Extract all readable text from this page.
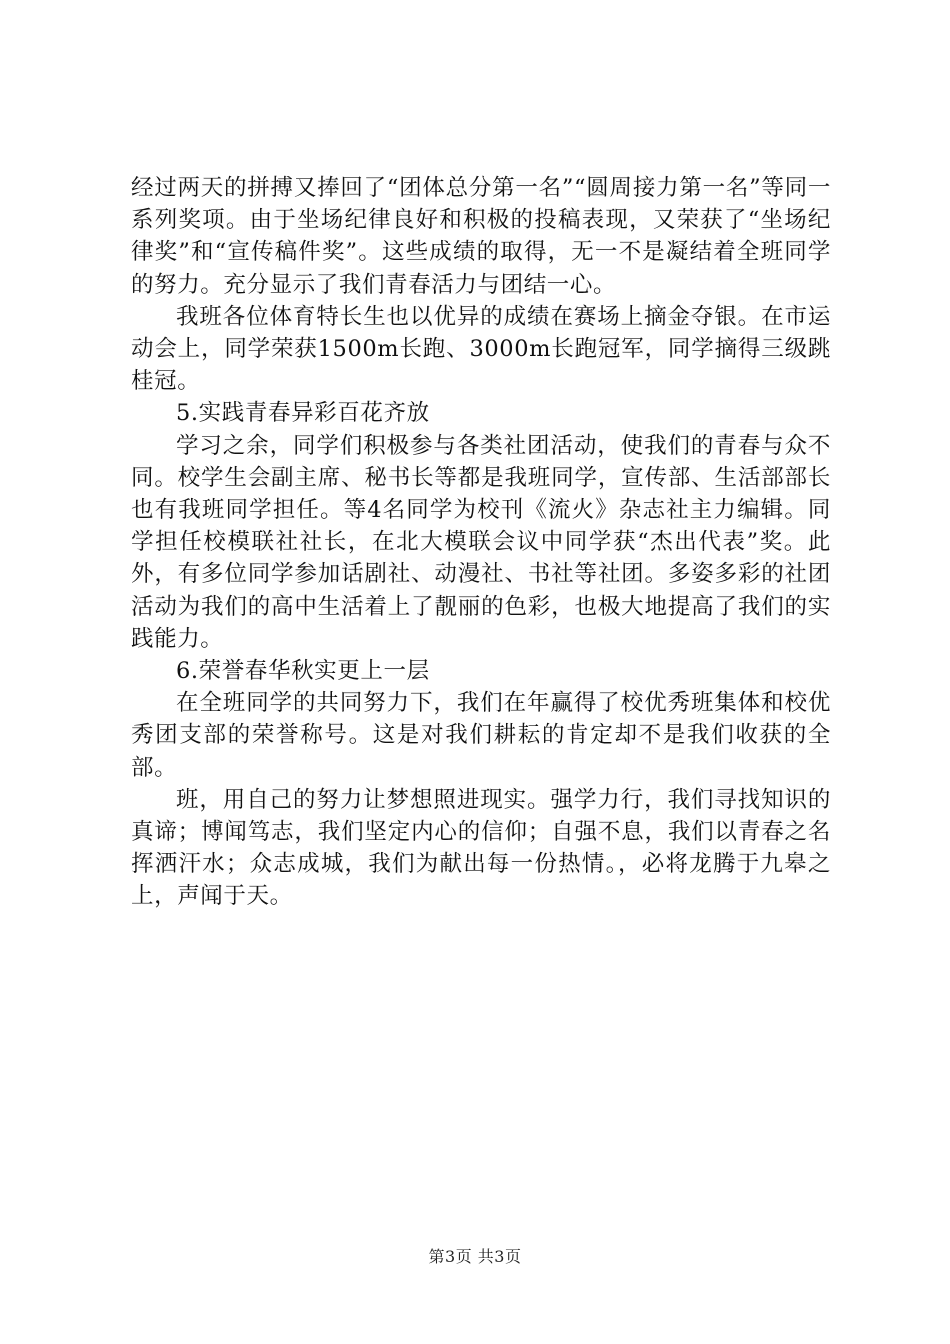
经过两天的拼搏又捧回了“团体总分第一名”“圆周接力第一名”等同一系列奖项。由于坐场纪律良好和积极的投稿表现，又荣获了“坐场纪律奖”和“宣传稿件奖”。这些成绩的取得，无一不是凝结着全班同学的努力。充分显示了我们青春活力与团结一心。

我班各位体育特长生也以优异的成绩在赛场上摘金夺银。在市运动会上，同学荣获1500m长跑、3000m长跑冠军，同学摘得三级跳桂冠。

5.实践青春异彩百花齐放

学习之余，同学们积极参与各类社团活动，使我们的青春与众不同。校学生会副主席、秘书长等都是我班同学，宣传部、生活部部长也有我班同学担任。等4名同学为校刊《流火》杂志社主力编辑。同学担任校模联社社长，在北大模联会议中同学获“杰出代表”奖。此外，有多位同学参加话剧社、动漫社、书社等社团。多姿多彩的社团活动为我们的高中生活着上了靓丽的色彩，也极大地提高了我们的实践能力。

6.荣誉春华秋实更上一层

在全班同学的共同努力下，我们在年赢得了校优秀班集体和校优秀团支部的荣誉称号。这是对我们耕耘的肯定却不是我们收获的全部。

班，用自己的努力让梦想照进现实。强学力行，我们寻找知识的真谛；博闻笃志，我们坚定内心的信仰；自强不息，我们以青春之名挥洒汗水；众志成城，我们为献出每一份热情。，必将龙腾于九皋之上，声闻于天。

第3页 共3页
